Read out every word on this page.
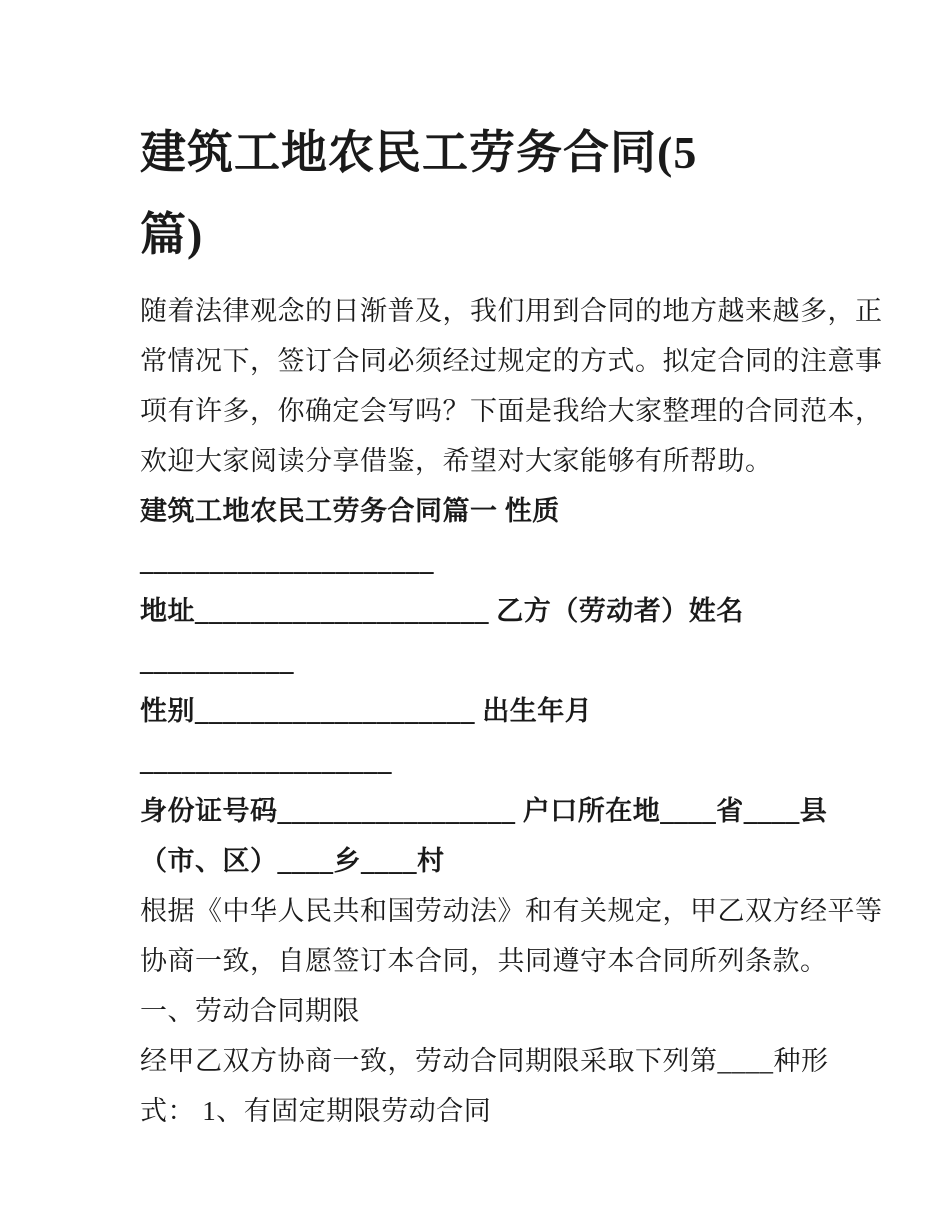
建筑工地农民工劳务合同(5
篇)
随着法律观念的日渐普及，我们用到合同的地方越来越多，正
常情况下，签订合同必须经过规定的方式。拟定合同的注意事
项有许多，你确定会写吗？下面是我给大家整理的合同范本，
欢迎大家阅读分享借鉴，希望对大家能够有所帮助。
建筑工地农民工劳务合同篇一 性质
_____________________
地址_____________________ 乙方（劳动者）姓名
___________
性别____________________ 出生年月
__________________
身份证号码_________________ 户口所在地____省____县
（市、区）____乡____村
根据《中华人民共和国劳动法》和有关规定，甲乙双方经平等
协商一致，自愿签订本合同，共同遵守本合同所列条款。
一、劳动合同期限
经甲乙双方协商一致，劳动合同期限采取下列第____种形
式： 1、有固定期限劳动合同
